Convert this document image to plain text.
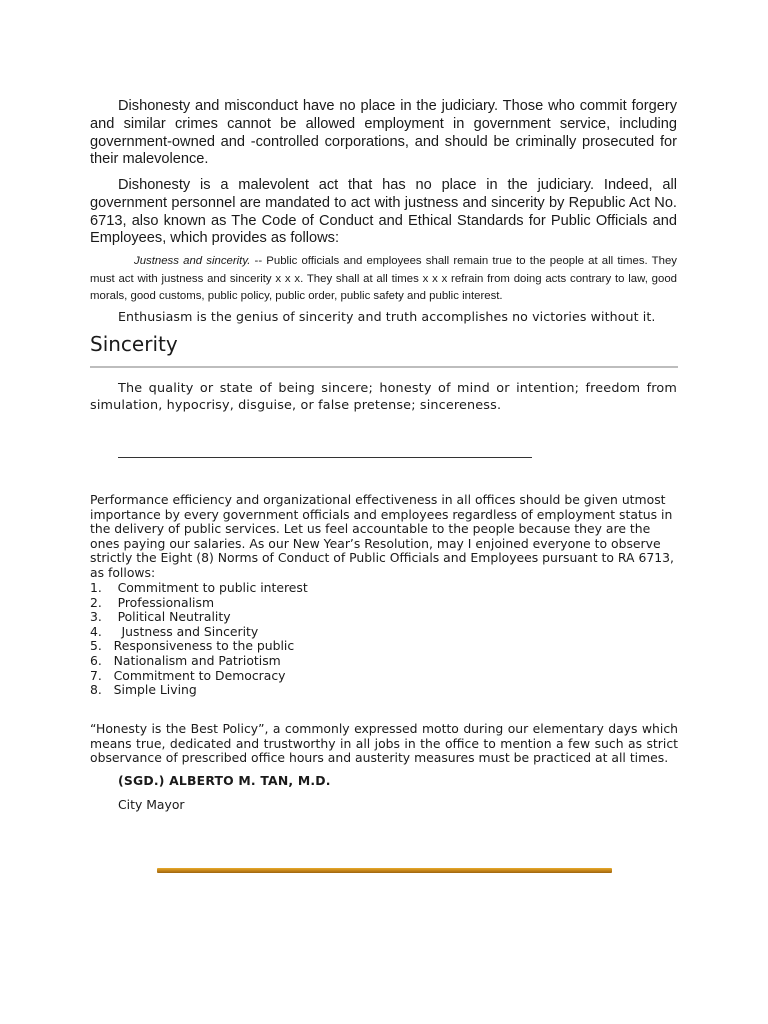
Dishonesty and misconduct have no place in the judiciary. Those who commit forgery and similar crimes cannot be allowed employment in government service, including government-owned and -controlled corporations, and should be criminally prosecuted for their malevolence.

Dishonesty is a malevolent act that has no place in the judiciary. Indeed, all government personnel are mandated to act with justness and sincerity by Republic Act No. 6713, also known as The Code of Conduct and Ethical Standards for Public Officials and Employees, which provides as follows:

Justness and sincerity. -- Public officials and employees shall remain true to the people at all times. They must act with justness and sincerity x x x. They shall at all times x x x refrain from doing acts contrary to law, good morals, good customs, public policy, public order, public safety and public interest.

Enthusiasm is the genius of sincerity and truth accomplishes no victories without it.

Sincerity

The quality or state of being sincere; honesty of mind or intention; freedom from simulation, hypocrisy, disguise, or false pretense; sincereness.

Performance efficiency and organizational effectiveness in all offices should be given utmost importance by every government officials and employees regardless of employment status in the delivery of public services. Let us feel accountable to the people because they are the ones paying our salaries. As our New Year’s Resolution, may I enjoined everyone to observe strictly the Eight (8) Norms of Conduct of Public Officials and Employees pursuant to RA 6713, as follows:

1.    Commitment to public interest
2.    Professionalism
3.    Political Neutrality
4.     Justness and Sincerity
5.   Responsiveness to the public
6.   Nationalism and Patriotism
7.   Commitment to Democracy
8.   Simple Living

“Honesty is the Best Policy”, a commonly expressed motto during our elementary days which means true, dedicated and trustworthy in all jobs in the office to mention a few such as strict observance of prescribed office hours and austerity measures must be practiced at all times.

(SGD.) ALBERTO M. TAN, M.D.
City Mayor
